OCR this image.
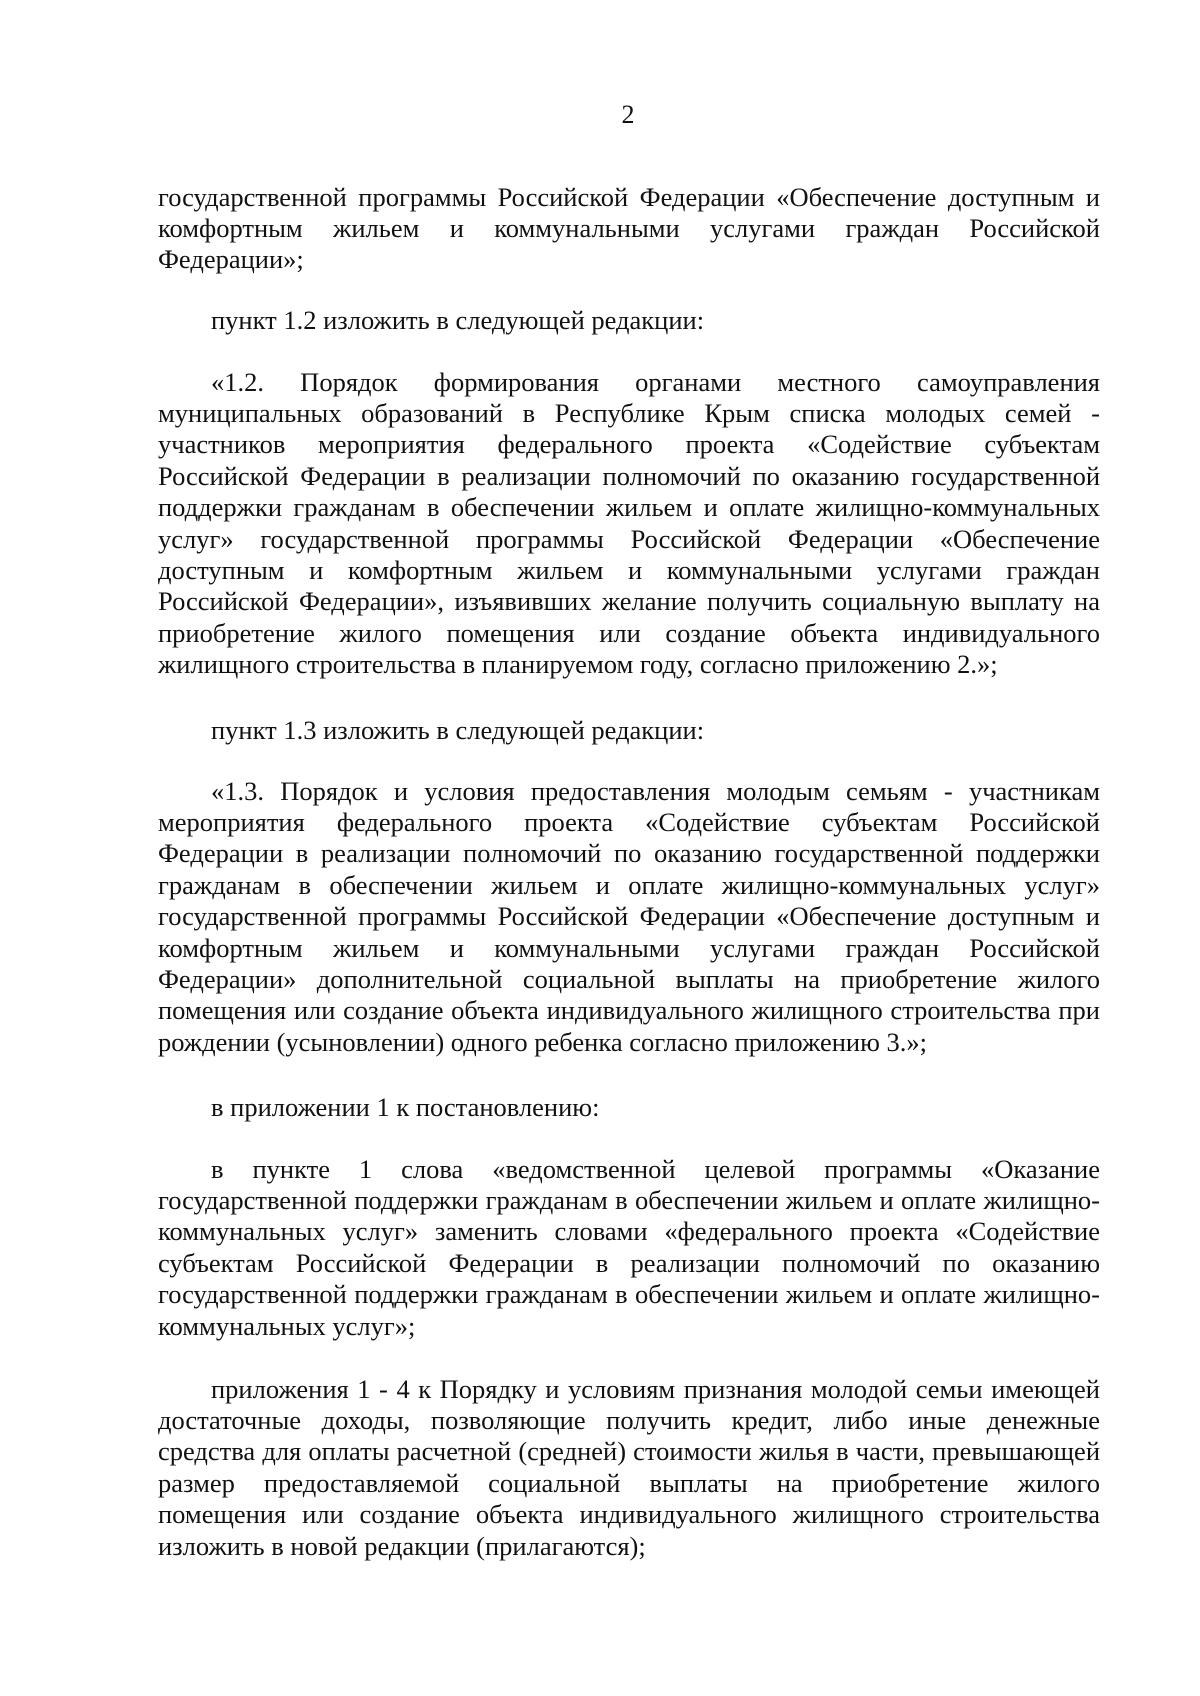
2

государственной программы Российской Федерации «Обеспечение доступным и комфортным жильем и коммунальными услугами граждан Российской Федерации»;

пункт 1.2 изложить в следующей редакции:

«1.2. Порядок формирования органами местного самоуправления муниципальных образований в Республике Крым списка молодых семей - участников мероприятия федерального проекта «Содействие субъектам Российской Федерации в реализации полномочий по оказанию государственной поддержки гражданам в обеспечении жильем и оплате жилищно-коммунальных услуг» государственной программы Российской Федерации «Обеспечение доступным и комфортным жильем и коммунальными услугами граждан Российской Федерации», изъявивших желание получить социальную выплату на приобретение жилого помещения или создание объекта индивидуального жилищного строительства в планируемом году, согласно приложению 2.»;

пункт 1.3 изложить в следующей редакции:

«1.3. Порядок и условия предоставления молодым семьям - участникам мероприятия федерального проекта «Содействие субъектам Российской Федерации в реализации полномочий по оказанию государственной поддержки гражданам в обеспечении жильем и оплате жилищно-коммунальных услуг» государственной программы Российской Федерации «Обеспечение доступным и комфортным жильем и коммунальными услугами граждан Российской Федерации» дополнительной социальной выплаты на приобретение жилого помещения или создание объекта индивидуального жилищного строительства при рождении (усыновлении) одного ребенка согласно приложению 3.»;

в приложении 1 к постановлению:

в пункте 1 слова «ведомственной целевой программы «Оказание государственной поддержки гражданам в обеспечении жильем и оплате жилищно-коммунальных услуг» заменить словами «федерального проекта «Содействие субъектам Российской Федерации в реализации полномочий по оказанию государственной поддержки гражданам в обеспечении жильем и оплате жилищно-коммунальных услуг»;

приложения 1 - 4 к Порядку и условиям признания молодой семьи имеющей достаточные доходы, позволяющие получить кредит, либо иные денежные средства для оплаты расчетной (средней) стоимости жилья в части, превышающей размер предоставляемой социальной выплаты на приобретение жилого помещения или создание объекта индивидуального жилищного строительства изложить в новой редакции (прилагаются);
